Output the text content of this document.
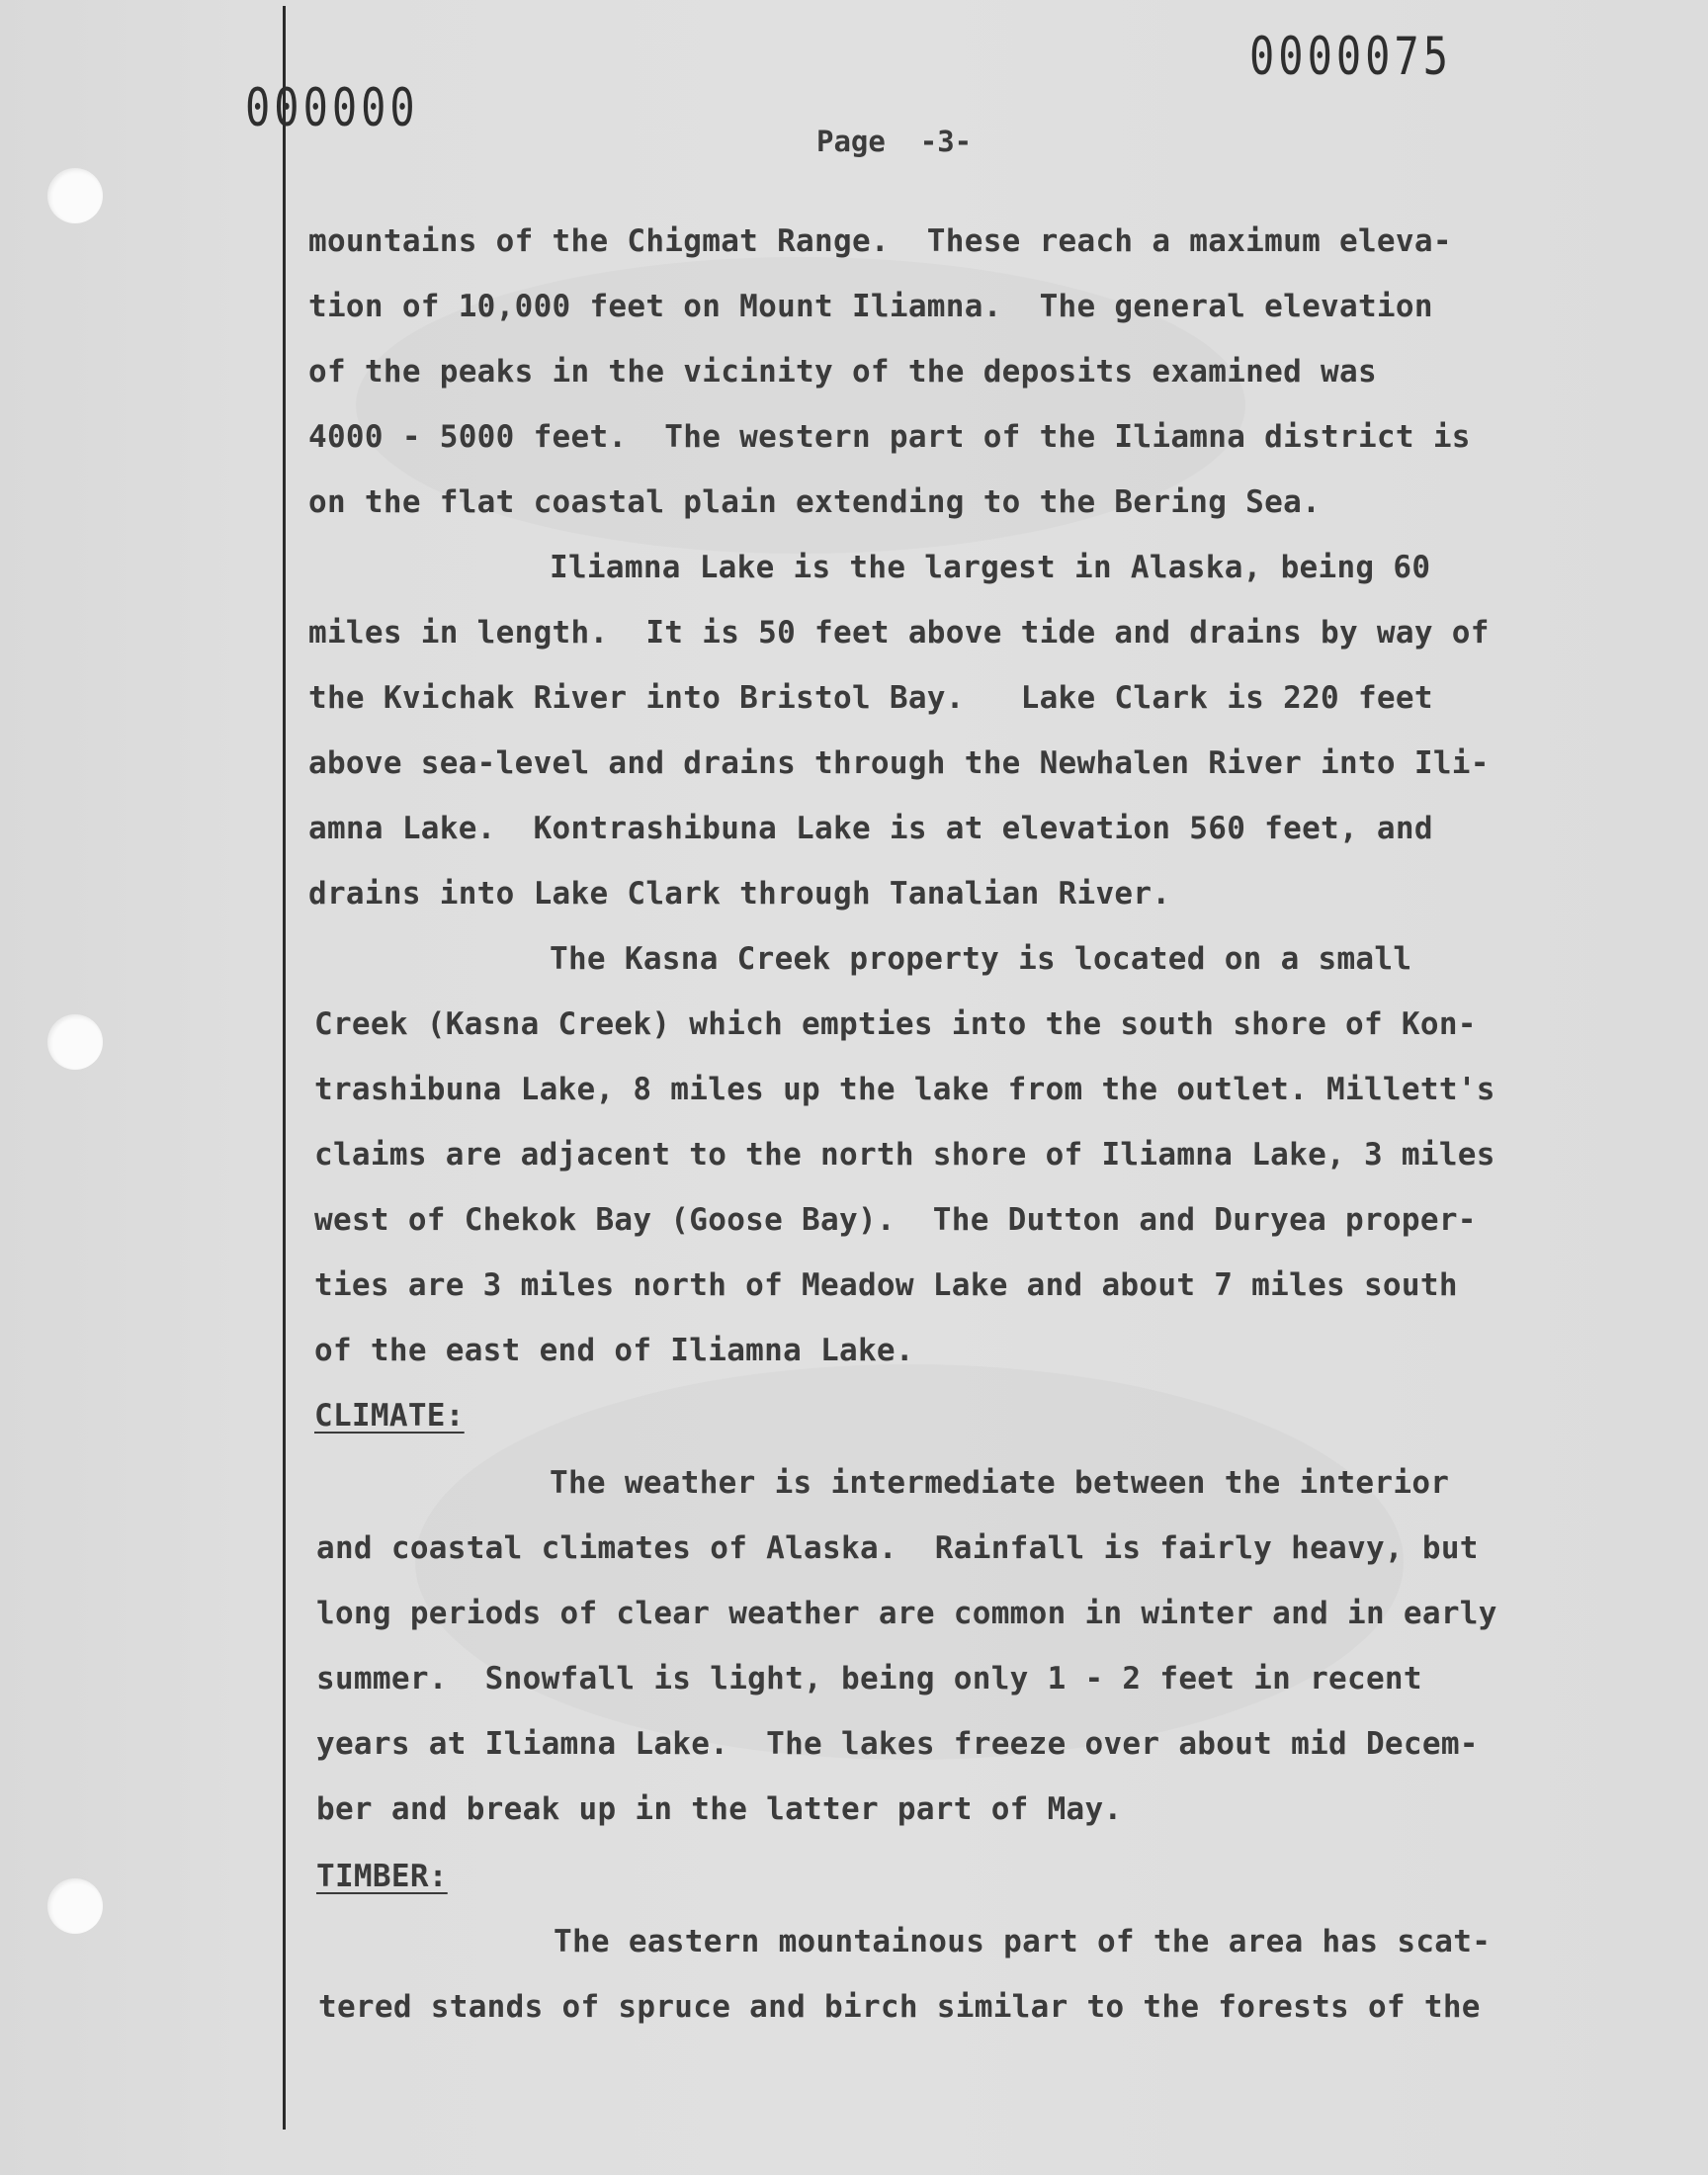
000000
0000075
Page  -3-
mountains of the Chigmat Range.  These reach a maximum eleva-
tion of 10,000 feet on Mount Iliamna.  The general elevation
of the peaks in the vicinity of the deposits examined was
4000 - 5000 feet.  The western part of the Iliamna district is
on the flat coastal plain extending to the Bering Sea.
Iliamna Lake is the largest in Alaska, being 60
miles in length.  It is 50 feet above tide and drains by way of
the Kvichak River into Bristol Bay.   Lake Clark is 220 feet
above sea-level and drains through the Newhalen River into Ili-
amna Lake.  Kontrashibuna Lake is at elevation 560 feet, and
drains into Lake Clark through Tanalian River.
The Kasna Creek property is located on a small
Creek (Kasna Creek) which empties into the south shore of Kon-
trashibuna Lake, 8 miles up the lake from the outlet. Millett's
claims are adjacent to the north shore of Iliamna Lake, 3 miles
west of Chekok Bay (Goose Bay).  The Dutton and Duryea proper-
ties are 3 miles north of Meadow Lake and about 7 miles south
of the east end of Iliamna Lake.
CLIMATE:
The weather is intermediate between the interior
and coastal climates of Alaska.  Rainfall is fairly heavy, but
long periods of clear weather are common in winter and in early
summer.  Snowfall is light, being only 1 - 2 feet in recent
years at Iliamna Lake.  The lakes freeze over about mid Decem-
ber and break up in the latter part of May.
TIMBER:
The eastern mountainous part of the area has scat-
tered stands of spruce and birch similar to the forests of the
